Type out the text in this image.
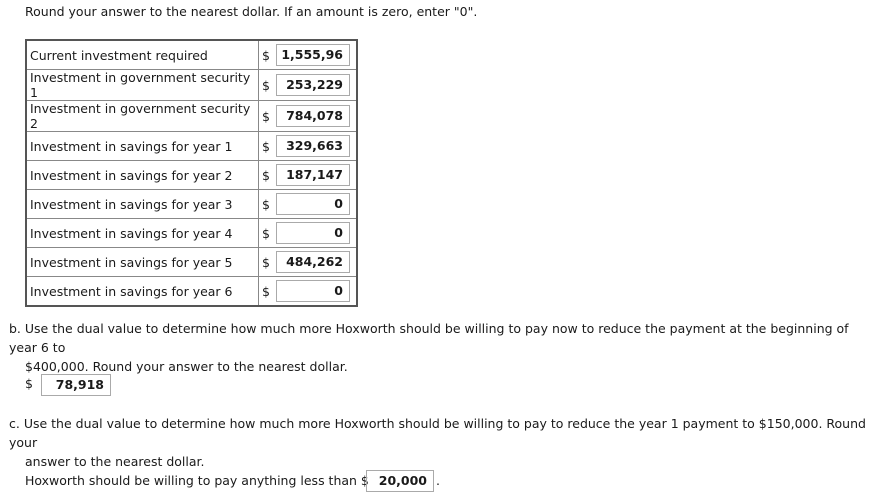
Round your answer to the nearest dollar. If an amount is zero, enter "0".
Current investment required	$	1,555,96
Investment in government security 1	$	253,229
Investment in government security 2	$	784,078
Investment in savings for year 1	$	329,663
Investment in savings for year 2	$	187,147
Investment in savings for year 3	$	0
Investment in savings for year 4	$	0
Investment in savings for year 5	$	484,262
Investment in savings for year 6	$	0
b. Use the dual value to determine how much more Hoxworth should be willing to pay now to reduce the payment at the beginning of year 6 to
$400,000. Round your answer to the nearest dollar.
$	78,918
c. Use the dual value to determine how much more Hoxworth should be willing to pay to reduce the year 1 payment to $150,000. Round your
answer to the nearest dollar.
Hoxworth should be willing to pay anything less than $ 20,000 .
